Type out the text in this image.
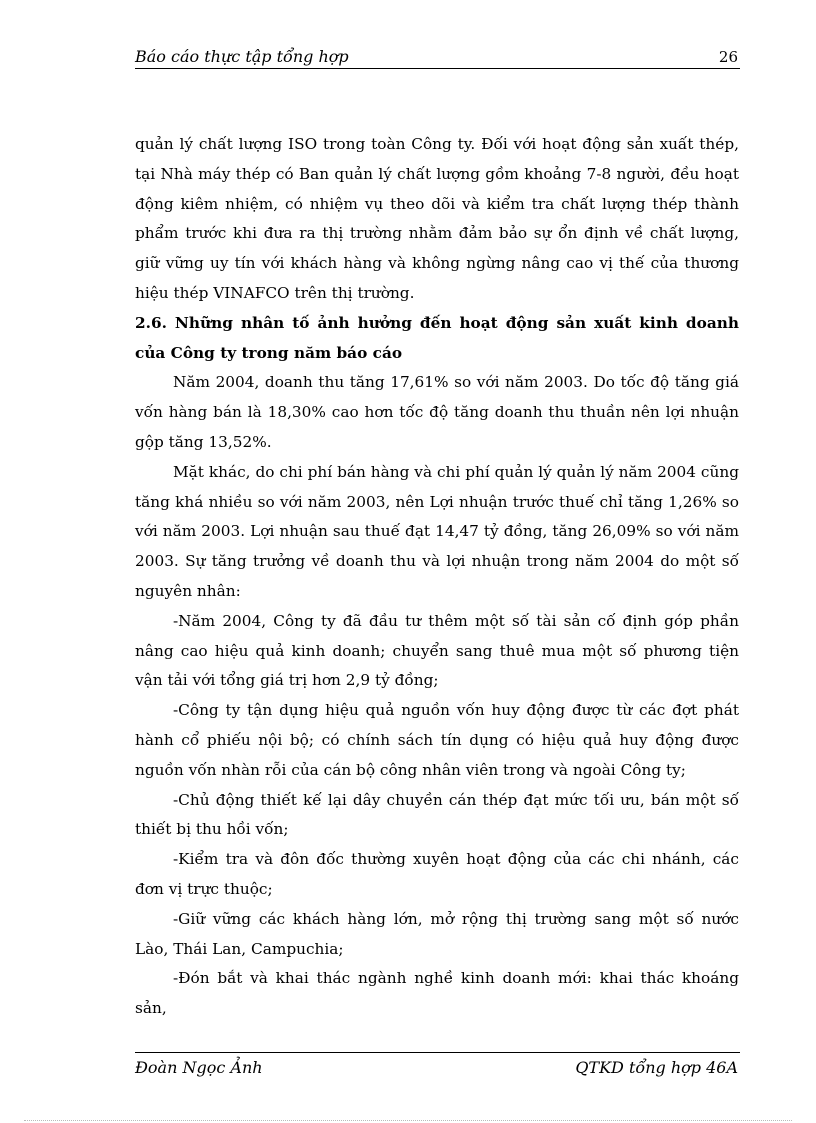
Báo cáo thực tập tổng hợp	26

quản lý chất lượng ISO trong toàn Công ty. Đối với hoạt động sản xuất thép, tại Nhà máy thép có Ban quản lý chất lượng gồm khoảng 7-8 người, đều hoạt động kiêm nhiệm, có nhiệm vụ theo dõi và kiểm tra chất lượng thép thành phẩm trước khi đưa ra thị trường nhằm đảm bảo sự ổn định về chất lượng, giữ vững uy tín với khách hàng và không ngừng nâng cao vị thế của thương hiệu thép VINAFCO trên thị trường.

2.6. Những nhân tố ảnh hưởng đến hoạt động sản xuất kinh doanh của Công ty trong năm báo cáo

Năm 2004, doanh thu tăng 17,61% so với năm 2003. Do tốc độ tăng giá vốn hàng bán là 18,30% cao hơn tốc độ tăng doanh thu thuần nên lợi nhuận gộp tăng 13,52%.

Mặt khác, do chi phí bán hàng và chi phí quản lý quản lý năm 2004 cũng tăng khá nhiều so với năm 2003, nên Lợi nhuận trước thuế chỉ tăng 1,26% so với năm 2003. Lợi nhuận sau thuế đạt 14,47 tỷ đồng, tăng 26,09% so với năm 2003. Sự tăng trưởng về doanh thu và lợi nhuận trong năm 2004 do một số nguyên nhân:

-Năm 2004, Công ty đã đầu tư thêm một số tài sản cố định góp phần nâng cao hiệu quả kinh doanh; chuyển sang thuê mua một số phương tiện vận tải với tổng giá trị hơn 2,9 tỷ đồng;

-Công ty tận dụng hiệu quả nguồn vốn huy động được từ các đợt phát hành cổ phiếu nội bộ; có chính sách tín dụng có hiệu quả huy động được nguồn vốn nhàn rỗi của cán bộ công nhân viên trong và ngoài Công ty;

-Chủ động thiết kế lại dây chuyền cán thép đạt mức tối ưu, bán một số thiết bị thu hồi vốn;

-Kiểm tra và đôn đốc thường xuyên hoạt động của các chi nhánh, các đơn vị trực thuộc;

-Giữ vững các khách hàng lớn, mở rộng thị trường sang một số nước Lào, Thái Lan, Campuchia;

-Đón bắt và khai thác ngành nghề kinh doanh mới: khai thác khoáng sản,

Đoàn Ngọc Ảnh	QTKD tổng hợp 46A
